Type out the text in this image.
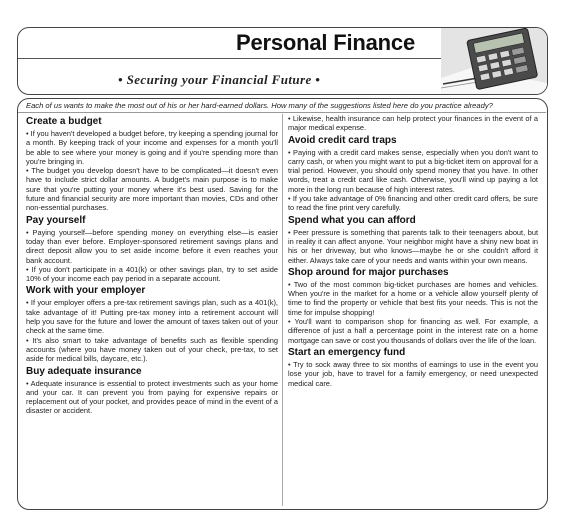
Personal Finance
• Securing your Financial Future •
Each of us wants to make the most out of his or her hard-earned dollars. How many of the suggestions listed here do you practice already?
Create a budget

• If you haven't developed a budget before, try keeping a spending journal for a month. By keeping track of your income and expenses for a month you'll be able to see where your money is going and if you're spending more than you're bringing in.

• The budget you develop doesn't have to be complicated—it doesn't even have to include strict dollar amounts. A budget's main purpose is to make sure that you're putting your money where it's best used. Saving for the future and financial security are more important than movies, CDs and other non-essential purchases.

Pay yourself

• Paying yourself—before spending money on everything else—is easier today than ever before. Employer-sponsored retirement savings plans and direct deposit allow you to set aside income before it even reaches your bank account.

• If you don't participate in a 401(k) or other savings plan, try to set aside 10% of your income each pay period in a separate account.

Work with your employer

• If your employer offers a pre-tax retirement savings plan, such as a 401(k), take advantage of it! Putting pre-tax money into a retirement account will help you save for the future and lower the amount of taxes taken out of your check at the same time.

• It's also smart to take advantage of benefits such as flexible spending accounts (where you have money taken out of your check, pre-tax, to set aside for medical bills, daycare, etc.).

Buy adequate insurance

• Adequate insurance is essential to protect investments such as your home and your car. It can prevent you from paying for expensive repairs or replacement out of your pocket, and provides peace of mind in the event of a disaster or accident.

• Likewise, health insurance can help protect your finances in the event of a major medical expense.

Avoid credit card traps

• Paying with a credit card makes sense, especially when you don't want to carry cash, or when you might want to put a big-ticket item on approval for a trial period. However, you should only spend money that you have. In other words, treat a credit card like cash. Otherwise, you'll wind up paying a lot more in the long run because of high interest rates.

• If you take advantage of 0% financing and other credit card offers, be sure to read the fine print very carefully.

Spend what you can afford

• Peer pressure is something that parents talk to their teenagers about, but in reality it can affect anyone. Your neighbor might have a shiny new boat in his or her driveway, but who knows—maybe he or she couldn't afford it either. Always take care of your needs and wants within your own means.

Shop around for major purchases

• Two of the most common big-ticket purchases are homes and vehicles. When you're in the market for a home or a vehicle allow yourself plenty of time to find the property or vehicle that best fits your needs. This is not the time for impulse shopping!

• You'll want to comparison shop for financing as well. For example, a difference of just a half a percentage point in the interest rate on a home mortgage can save or cost you thousands of dollars over the life of the loan.

Start an emergency fund

• Try to sock away three to six months of earnings to use in the event you lose your job, have to travel for a family emergency, or need unexpected medical care.
